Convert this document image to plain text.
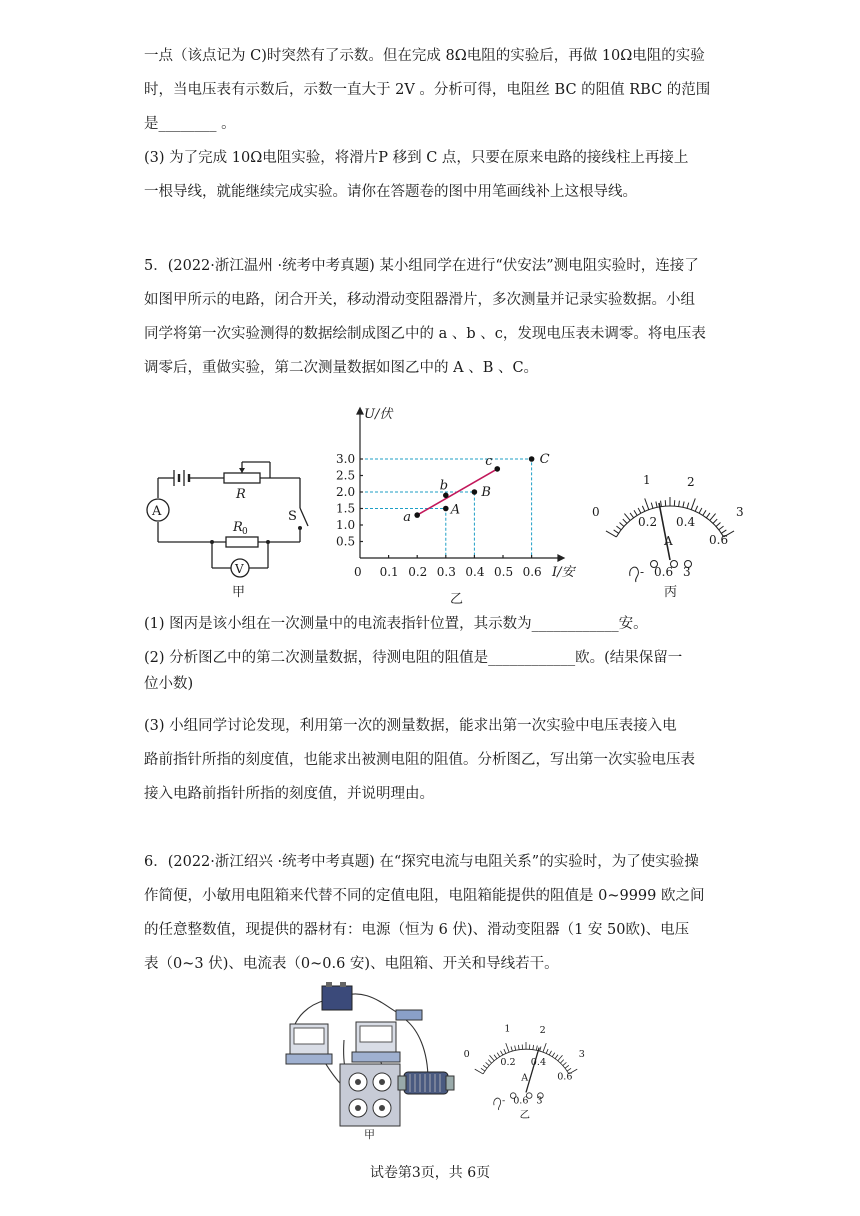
一点（该点记为 C)时突然有了示数。但在完成 8Ω电阻的实验后，再做 10Ω电阻的实验
时，当电压表有示数后，示数一直大于 2V 。分析可得，电阻丝 BC 的阻值 RBC 的范围
是________ 。
(3) 为了完成 10Ω电阻实验，将滑片P 移到 C 点，只要在原来电路的接线柱上再接上
一根导线，就能继续完成实验。请你在答题卷的图中用笔画线补上这根导线。
5．(2022·浙江温州 ·统考中考真题) 某小组同学在进行“伏安法”测电阻实验时，连接了
如图甲所示的电路，闭合开关，移动滑动变阻器滑片，多次测量并记录实验数据。小组
同学将第一次实验测得的数据绘制成图乙中的 a 、b 、c，发现电压表未调零。将电压表
调零后，重做实验，第二次测量数据如图乙中的 A 、B 、C。
A
V
R
R 0
S
甲
U/伏
I/安
乙
0 0.1 0.2 0.3 0.4 0.5 0.6
0.5
1.0
1.5
2.0
2.5
3.0
a
b
c
A
B
C
0
1	2
3
0.2 0.4
0.6
A
- 0.6 3
丙
(1) 图丙是该小组在一次测量中的电流表指针位置，其示数为____________安。
(2) 分析图乙中的第二次测量数据，待测电阻的阻值是____________欧。(结果保留一
位小数)
(3) 小组同学讨论发现，利用第一次的测量数据，能求出第一次实验中电压表接入电
路前指针所指的刻度值，也能求出被测电阻的阻值。分析图乙，写出第一次实验电压表
接入电路前指针所指的刻度值，并说明理由。
6．(2022·浙江绍兴 ·统考中考真题) 在“探究电流与电阻关系”的实验时，为了使实验操
作简便，小敏用电阻箱来代替不同的定值电阻，电阻箱能提供的阻值是 0~9999 欧之间
的任意整数值，现提供的器材有：电源（恒为 6 伏)、滑动变阻器（1 安 50欧)、电压
表（0~3 伏)、电流表（0~0.6 安)、电阻箱、开关和导线若干。
甲
0
1 2
3
0.2 0.4
0.6
A
- 0.6 3
乙
试卷第3页，共 6页
